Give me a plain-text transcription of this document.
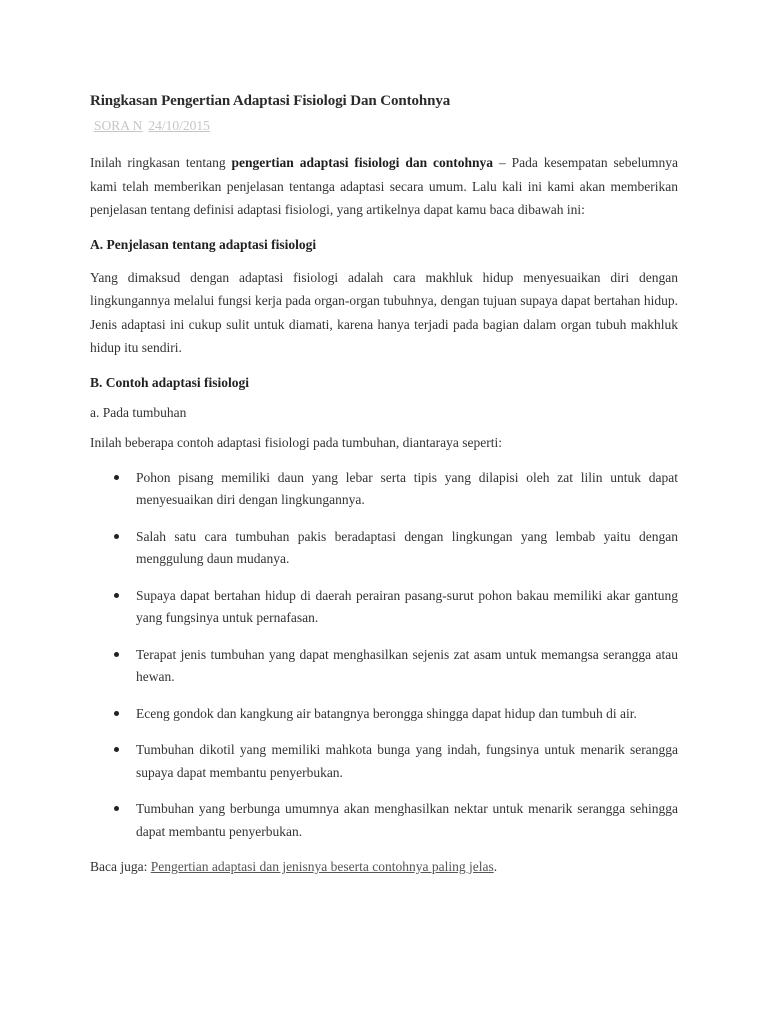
Ringkasan Pengertian Adaptasi Fisiologi Dan Contohnya
SORA N 24/10/2015

Inilah ringkasan tentang pengertian adaptasi fisiologi dan contohnya – Pada kesempatan sebelumnya kami telah memberikan penjelasan tentanga adaptasi secara umum. Lalu kali ini kami akan memberikan penjelasan tentang definisi adaptasi fisiologi, yang artikelnya dapat kamu baca dibawah ini:

A. Penjelasan tentang adaptasi fisiologi

Yang dimaksud dengan adaptasi fisiologi adalah cara makhluk hidup menyesuaikan diri dengan lingkungannya melalui fungsi kerja pada organ-organ tubuhnya, dengan tujuan supaya dapat bertahan hidup. Jenis adaptasi ini cukup sulit untuk diamati, karena hanya terjadi pada bagian dalam organ tubuh makhluk hidup itu sendiri.

B. Contoh adaptasi fisiologi

a. Pada tumbuhan

Inilah beberapa contoh adaptasi fisiologi pada tumbuhan, diantaraya seperti:

Pohon pisang memiliki daun yang lebar serta tipis yang dilapisi oleh zat lilin untuk dapat menyesuaikan diri dengan lingkungannya.
Salah satu cara tumbuhan pakis beradaptasi dengan lingkungan yang lembab yaitu dengan menggulung daun mudanya.
Supaya dapat bertahan hidup di daerah perairan pasang-surut pohon bakau memiliki akar gantung yang fungsinya untuk pernafasan.
Terapat jenis tumbuhan yang dapat menghasilkan sejenis zat asam untuk memangsa serangga atau hewan.
Eceng gondok dan kangkung air batangnya berongga shingga dapat hidup dan tumbuh di air.
Tumbuhan dikotil yang memiliki mahkota bunga yang indah, fungsinya untuk menarik serangga supaya dapat membantu penyerbukan.
Tumbuhan yang berbunga umumnya akan menghasilkan nektar untuk menarik serangga sehingga dapat membantu penyerbukan.

Baca juga: Pengertian adaptasi dan jenisnya beserta contohnya paling jelas.
